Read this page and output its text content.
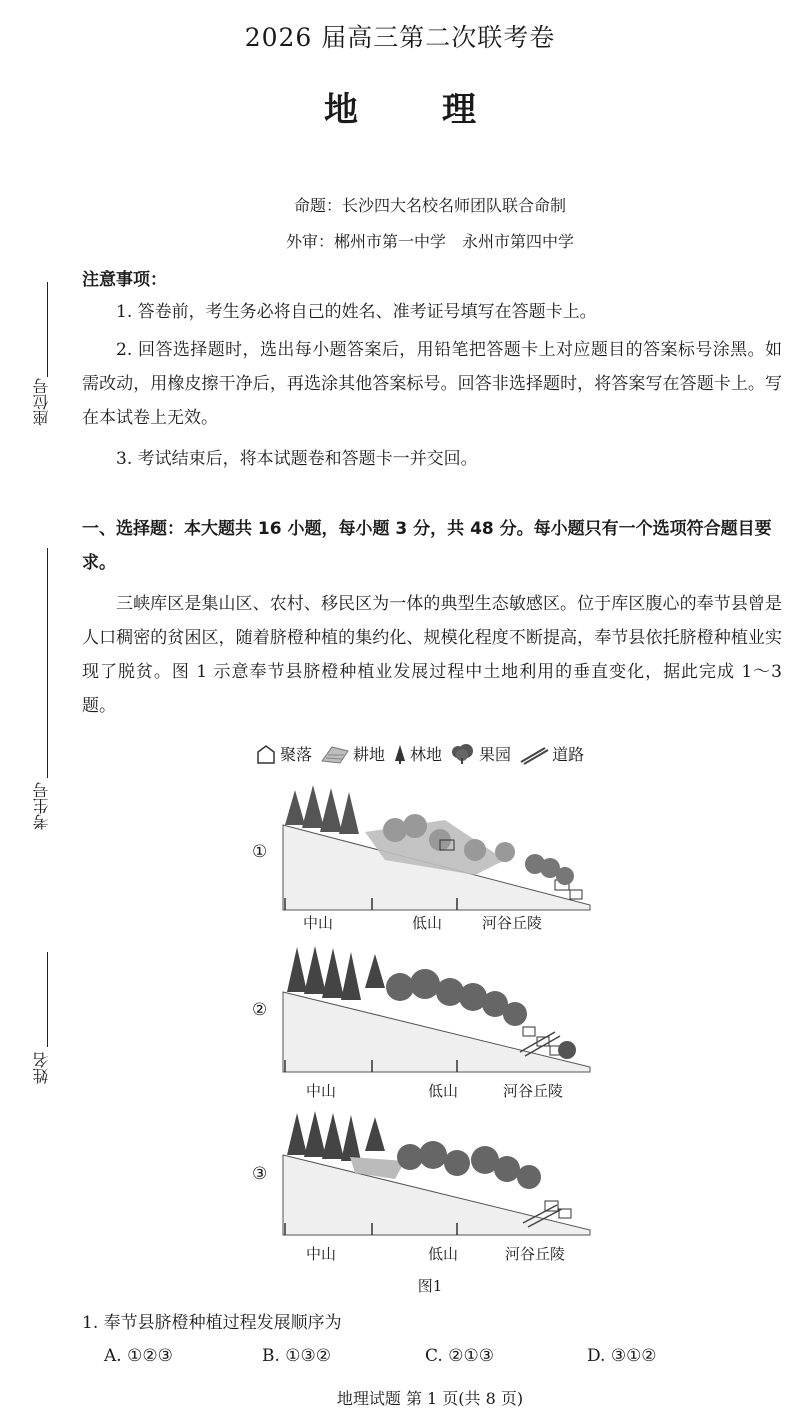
2026 届高三第二次联考卷
地 理
命题：长沙四大名校名师团队联合命制
外审：郴州市第一中学　永州市第四中学
座位号
考生号
姓名
注意事项：
1. 答卷前，考生务必将自己的姓名、准考证号填写在答题卡上。
2. 回答选择题时，选出每小题答案后，用铅笔把答题卡上对应题目的答案标号涂黑。如需改动，用橡皮擦干净后，再选涂其他答案标号。回答非选择题时，将答案写在答题卡上。写在本试卷上无效。
3. 考试结束后，将本试题卷和答题卡一并交回。
一、选择题：本大题共 16 小题，每小题 3 分，共 48 分。每小题只有一个选项符合题目要求。
三峡库区是集山区、农村、移民区为一体的典型生态敏感区。位于库区腹心的奉节县曾是人口稠密的贫困区，随着脐橙种植的集约化、规模化程度不断提高，奉节县依托脐橙种植业实现了脱贫。图 1 示意奉节县脐橙种植业发展过程中土地利用的垂直变化，据此完成 1～3 题。
聚落	耕地 林地 果园	道路
①
中山	低山	河谷丘陵
②
中山	低山	河谷丘陵
③
中山	低山	河谷丘陵
图1
1. 奉节县脐橙种植过程发展顺序为
A. ①②③	B. ①③②	C. ②①③	D. ③①②
地理试题 第 1 页(共 8 页)
